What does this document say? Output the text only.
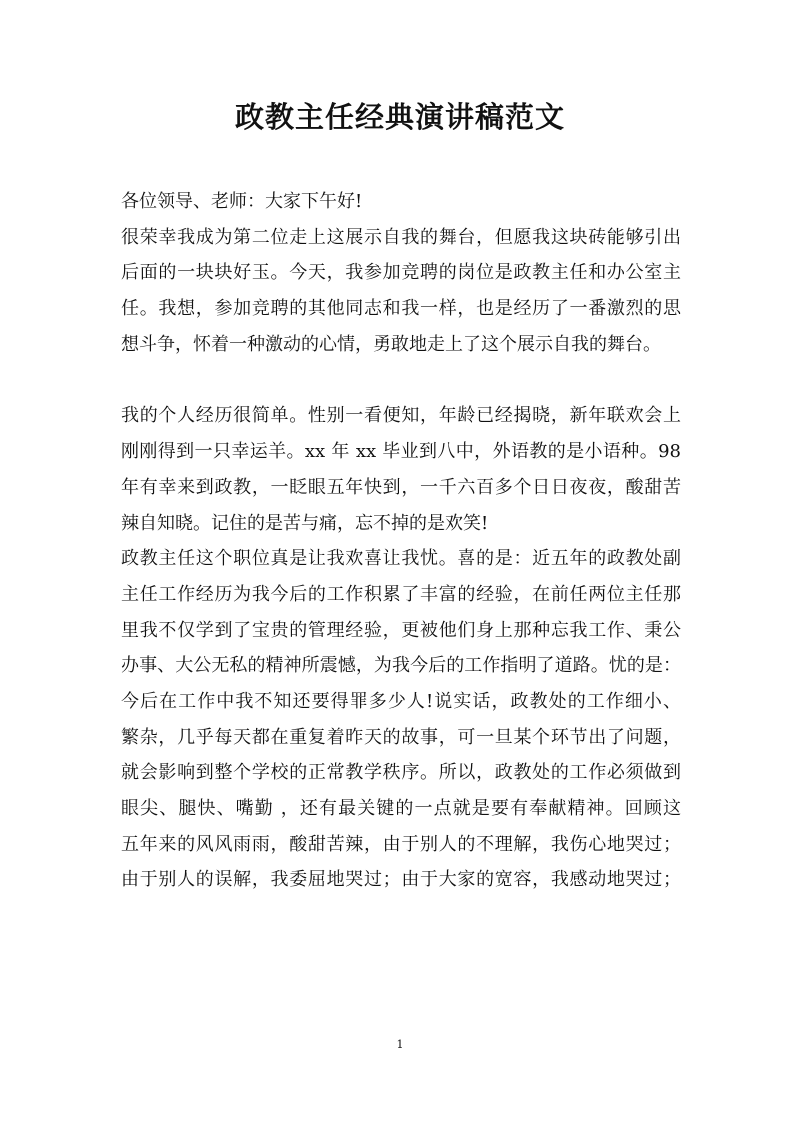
政教主任经典演讲稿范文
各位领导、老师：大家下午好!
很荣幸我成为第二位走上这展示自我的舞台，但愿我这块砖能够引出
后面的一块块好玉。今天，我参加竞聘的岗位是政教主任和办公室主
任。我想，参加竞聘的其他同志和我一样，也是经历了一番激烈的思
想斗争，怀着一种激动的心情，勇敢地走上了这个展示自我的舞台。
我的个人经历很简单。性别一看便知，年龄已经揭晓，新年联欢会上
刚刚得到一只幸运羊。xx 年 xx 毕业到八中，外语教的是小语种。98
年有幸来到政教，一眨眼五年快到，一千六百多个日日夜夜，酸甜苦
辣自知晓。记住的是苦与痛，忘不掉的是欢笑!
政教主任这个职位真是让我欢喜让我忧。喜的是：近五年的政教处副
主任工作经历为我今后的工作积累了丰富的经验，在前任两位主任那
里我不仅学到了宝贵的管理经验，更被他们身上那种忘我工作、秉公
办事、大公无私的精神所震憾，为我今后的工作指明了道路。忧的是：
今后在工作中我不知还要得罪多少人!说实话，政教处的工作细小、
繁杂，几乎每天都在重复着昨天的故事，可一旦某个环节出了问题，
就会影响到整个学校的正常教学秩序。所以，政教处的工作必须做到
眼尖、腿快、嘴勤 ，还有最关键的一点就是要有奉献精神。回顾这
五年来的风风雨雨，酸甜苦辣，由于别人的不理解，我伤心地哭过；
由于别人的误解，我委屈地哭过；由于大家的宽容，我感动地哭过；
1
